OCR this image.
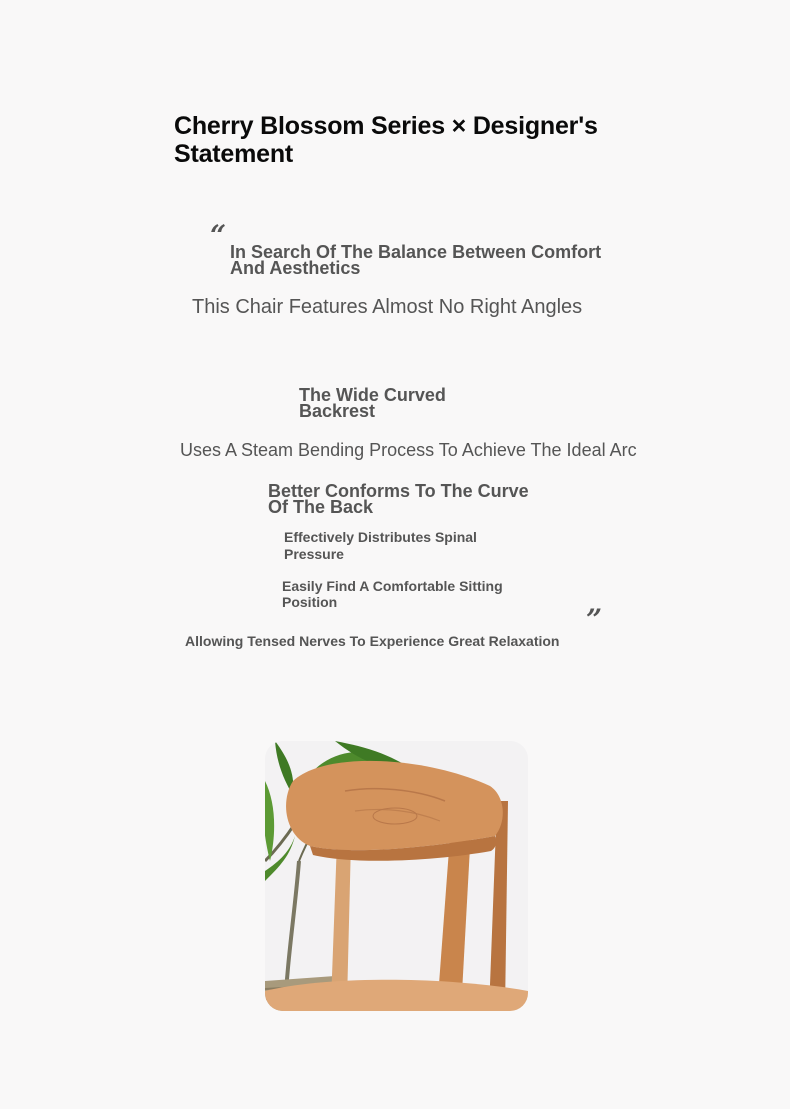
Cherry Blossom Series × Designer's Statement
“ In Search Of The Balance Between Comfort And Aesthetics
This Chair Features Almost No Right Angles
The Wide Curved Backrest
Uses A Steam Bending Process To Achieve The Ideal Arc
Better Conforms To The Curve Of The Back
Effectively Distributes Spinal Pressure
Easily Find A Comfortable Sitting Position
Allowing Tensed Nerves To Experience Great Relaxation
”
